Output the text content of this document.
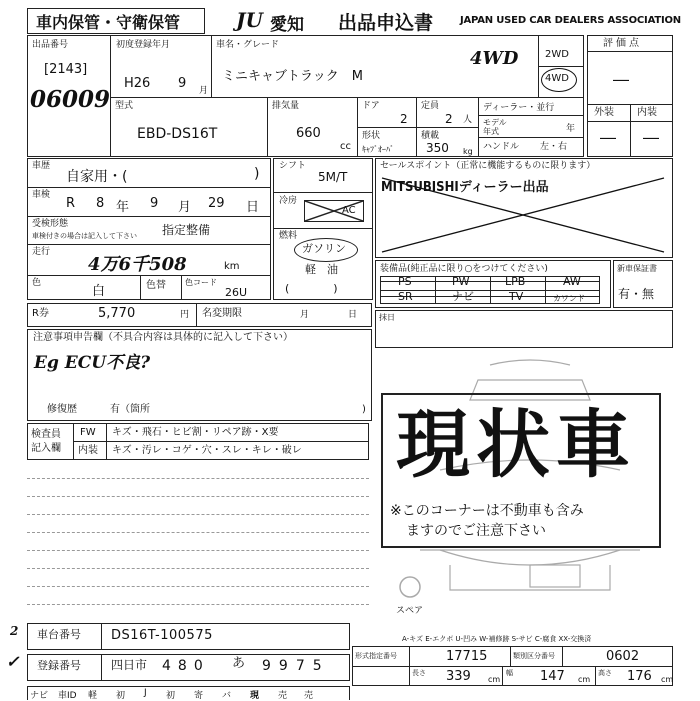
車内保管・守衛保管	JU 愛知 出品申込書	JAPAN USED CAR DEALERS ASSOCIATION
出品番号
[2143]
06009
初度登録年月
H26 9 月
車名・グレード
ミニキャブトラック　M
4WD	2WD
4WD
型式
EBD-DS16T
排気量
660
cc
ドア
2
形状
ｷｬﾌﾞｵｰﾊﾞ
定員
2 人
積載
350 kg
ディーラー・並行
モデル
年式	年
ハンドル 左・右
評価点
―
外装 内装
― ―
車歴
自家用・(	)
車検
R 8 年 9 月 29 日
受検形態
車検付きの場合は記入して下さい 指定整備
走行
4万6千508	km
色
白	色替 色コード
26U
シフト
5M/T
冷房
AC
燃料
ガソリン
軽　油
(　　　　)
セールスポイント（正常に機能するものに限ります）
MITSUBISHIディーラー出品
装備品(純正品に限り○をつけてください)
PS	PW	LPB	AW
SR	ナビ	TV	カワンド
新車保証書
有・無
R券	5,770	円 名変期限	月	日	抹日
注意事項申告欄（不具合内容は具体的に記入して下さい）
Eg ECU不良?
修復歴	有（箇所	)
検査員
記入欄
FW キズ・飛石・ヒビ割・リペア跡・X要
内装 キズ・汚レ・コゲ・穴・スレ・キレ・破レ
スペア
現状車
※このコーナーは不動車も含み
ますのでご注意下さい
A-キズ E-エクボ U-凹み W-補修跡 S-サビ C-腐食 XX-交換済
2 車台番号 DS16T-100575
✓ 登録番号	四日市 480 あ 9975
ナビ	車ID	軽	初	J	初	寄	バ	現	売	売
形式指定番号	17715	類別区分番号	0602
長さ 339 cm
幅 147 cm
高さ 176 cm
